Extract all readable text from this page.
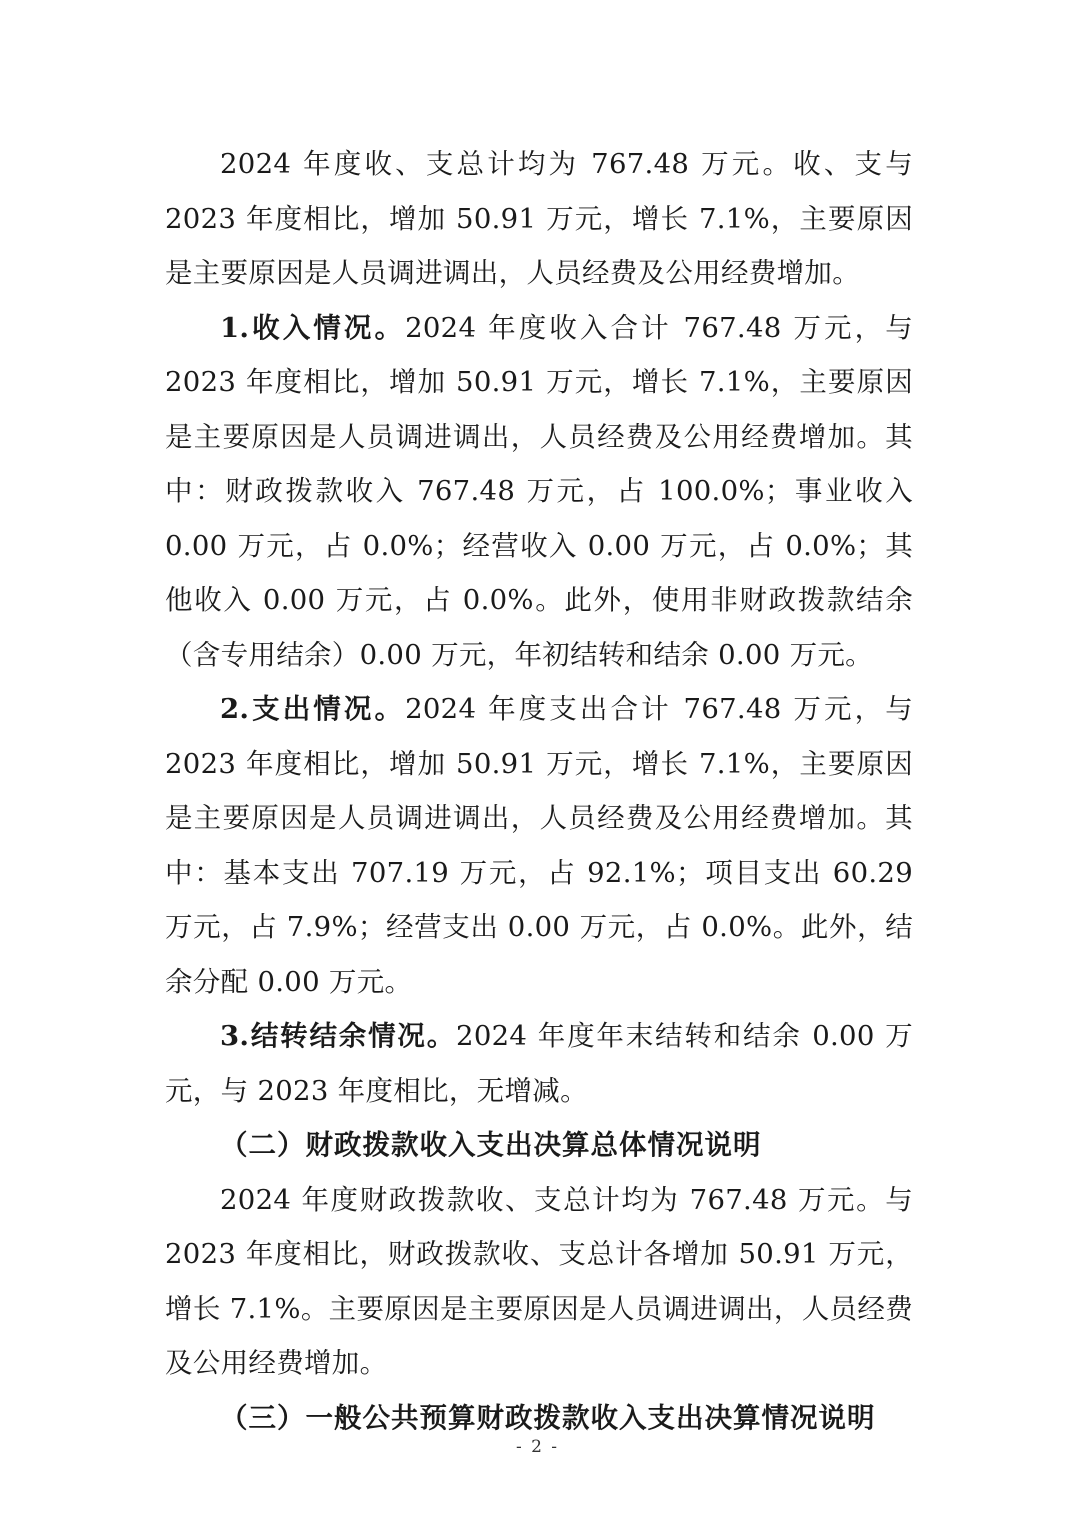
2024 年度收、支总计均为 767.48 万元。收、支与 2023 年度相比，增加 50.91 万元，增长 7.1%，主要原因是主要原因是人员调进调出，人员经费及公用经费增加。

1.收入情况。2024 年度收入合计 767.48 万元，与 2023 年度相比，增加 50.91 万元，增长 7.1%，主要原因是主要原因是人员调进调出，人员经费及公用经费增加。其中：财政拨款收入 767.48 万元，占 100.0%；事业收入 0.00 万元，占 0.0%；经营收入 0.00 万元，占 0.0%；其他收入 0.00 万元，占 0.0%。此外，使用非财政拨款结余（含专用结余）0.00 万元，年初结转和结余 0.00 万元。

2.支出情况。2024 年度支出合计 767.48 万元，与 2023 年度相比，增加 50.91 万元，增长 7.1%，主要原因是主要原因是人员调进调出，人员经费及公用经费增加。其中：基本支出 707.19 万元，占 92.1%；项目支出 60.29 万元，占 7.9%；经营支出 0.00 万元，占 0.0%。此外，结余分配 0.00 万元。

3.结转结余情况。2024 年度年末结转和结余 0.00 万元，与 2023 年度相比，无增减。

（二）财政拨款收入支出决算总体情况说明

2024 年度财政拨款收、支总计均为 767.48 万元。与 2023 年度相比，财政拨款收、支总计各增加 50.91 万元，增长 7.1%。主要原因是主要原因是人员调进调出，人员经费及公用经费增加。

（三）一般公共预算财政拨款收入支出决算情况说明

- 2 -
